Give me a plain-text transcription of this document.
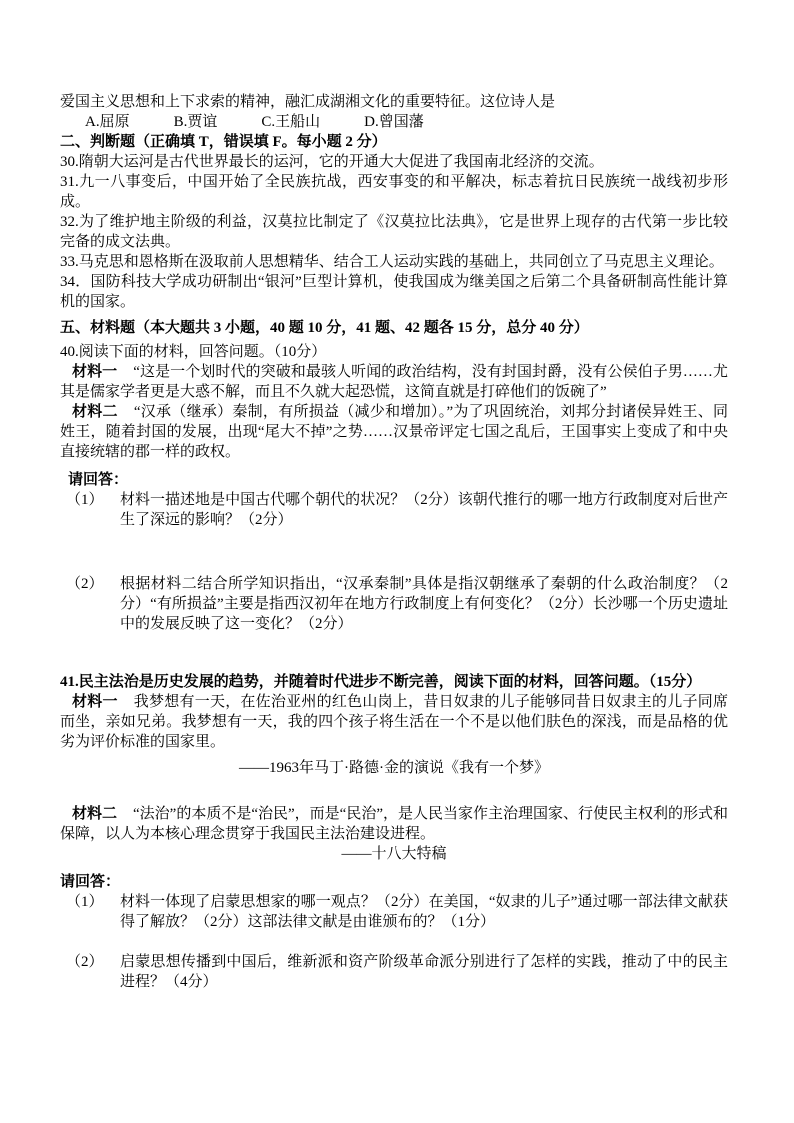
爱国主义思想和上下求索的精神，融汇成湖湘文化的重要特征。这位诗人是

A.屈原	B.贾谊	C.王船山	D.曾国藩

二、判断题（正确填 T，错误填 F。每小题 2 分）

30.隋朝大运河是古代世界最长的运河，它的开通大大促进了我国南北经济的交流。

31.九一八事变后，中国开始了全民族抗战，西安事变的和平解决，标志着抗日民族统一战线初步形成。

32.为了维护地主阶级的利益，汉莫拉比制定了《汉莫拉比法典》，它是世界上现存的古代第一步比较完备的成文法典。

33.马克思和恩格斯在汲取前人思想精华、结合工人运动实践的基础上，共同创立了马克思主义理论。

34．国防科技大学成功研制出“银河”巨型计算机，使我国成为继美国之后第二个具备研制高性能计算机的国家。

五、材料题（本大题共 3 小题，40 题 10 分，41 题、42 题各 15 分，总分 40 分）

40.阅读下面的材料，回答问题。（10分）

材料一 “这是一个划时代的突破和最骇人听闻的政治结构，没有封国封爵，没有公侯伯子男……尤其是儒家学者更是大惑不解，而且不久就大起恐慌，这简直就是打碎他们的饭碗了”

材料二 “汉承（继承）秦制，有所损益（减少和增加）。”为了巩固统治，刘邦分封诸侯异姓王、同姓王，随着封国的发展，出现“尾大不掉”之势……汉景帝评定七国之乱后，王国事实上变成了和中央直接统辖的郡一样的政权。

请回答：

（1）	材料一描述地是中国古代哪个朝代的状况？（2分）该朝代推行的哪一地方行政制度对后世产生了深远的影响？（2分）
（2）	根据材料二结合所学知识指出，“汉承秦制”具体是指汉朝继承了秦朝的什么政治制度？（2分）“有所损益”主要是指西汉初年在地方行政制度上有何变化？（2分）长沙哪一个历史遗址中的发展反映了这一变化？（2分）

41.民主法治是历史发展的趋势，并随着时代进步不断完善，阅读下面的材料，回答问题。（15分）

材料一 我梦想有一天，在佐治亚州的红色山岗上，昔日奴隶的儿子能够同昔日奴隶主的儿子同席而坐，亲如兄弟。我梦想有一天，我的四个孩子将生活在一个不是以他们肤色的深浅，而是品格的优劣为评价标准的国家里。

——1963年马丁·路德·金的演说《我有一个梦》

材料二 “法治”的本质不是“治民”，而是“民治”，是人民当家作主治理国家、行使民主权利的形式和保障，以人为本核心理念贯穿于我国民主法治建设进程。

——十八大特稿

请回答：

（1）	材料一体现了启蒙思想家的哪一观点？（2分）在美国，“奴隶的儿子”通过哪一部法律文献获得了解放？（2分）这部法律文献是由谁颁布的？（1分）
（2）	启蒙思想传播到中国后，维新派和资产阶级革命派分别进行了怎样的实践，推动了中的民主进程？（4分）
